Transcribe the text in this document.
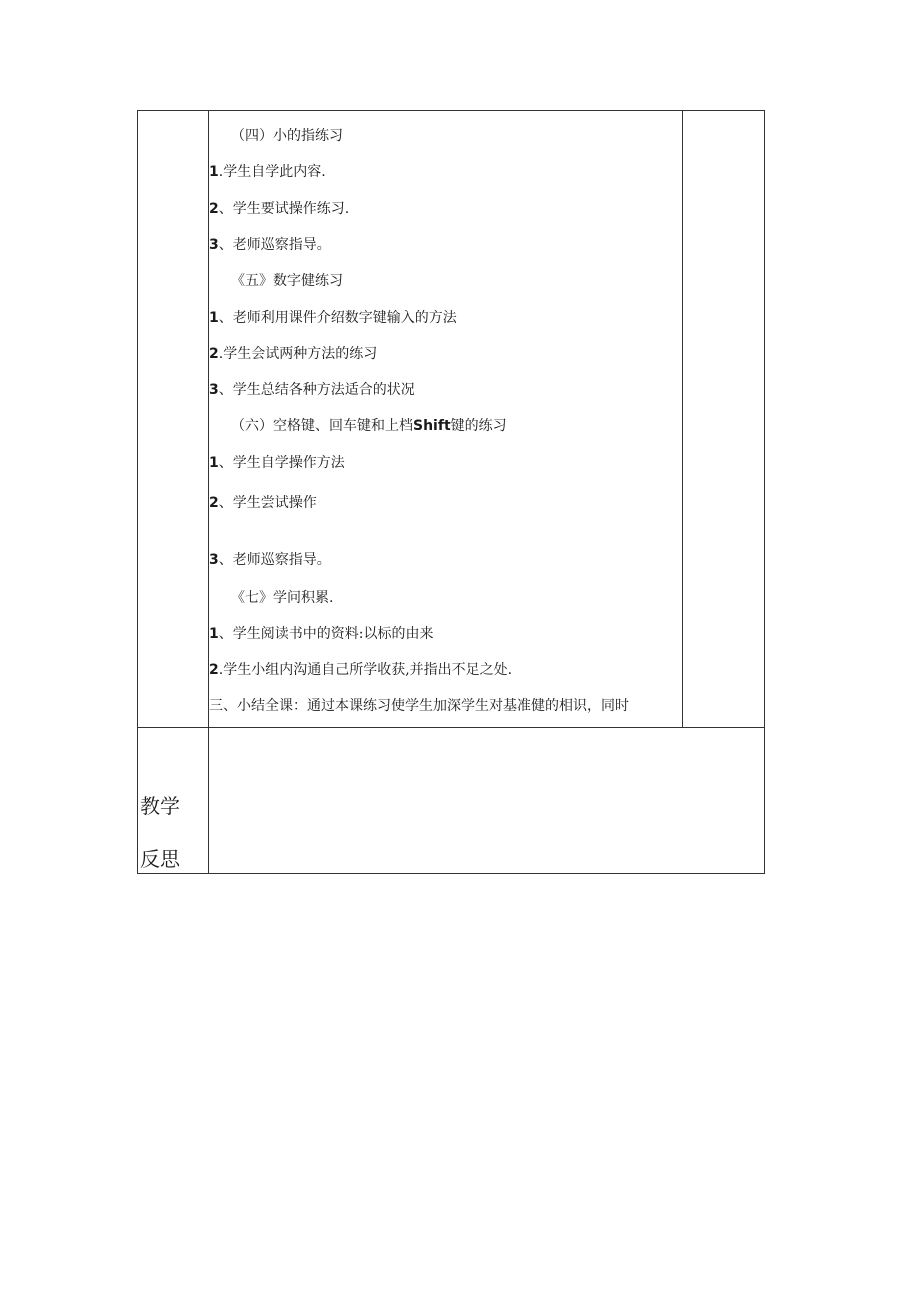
（四）小的指练习
1.学生自学此内容.
2、学生要试操作练习.
3、老师巡察指导。
《五》数字健练习
1、老师利用课件介绍数字键输入的方法
2.学生会试两种方法的练习
3、学生总结各种方法适合的状况
（六）空格键、回车键和上档Shift键的练习
1、学生自学操作方法
2、学生尝试操作
3、老师巡察指导。
《七》学问积累.
1、学生阅读书中的资料:以标的由来
2.学生小组内沟通自己所学收获,并指出不足之处.
三、小结全课：通过本课练习使学生加深学生对基准健的相识，同时
教学
反思
